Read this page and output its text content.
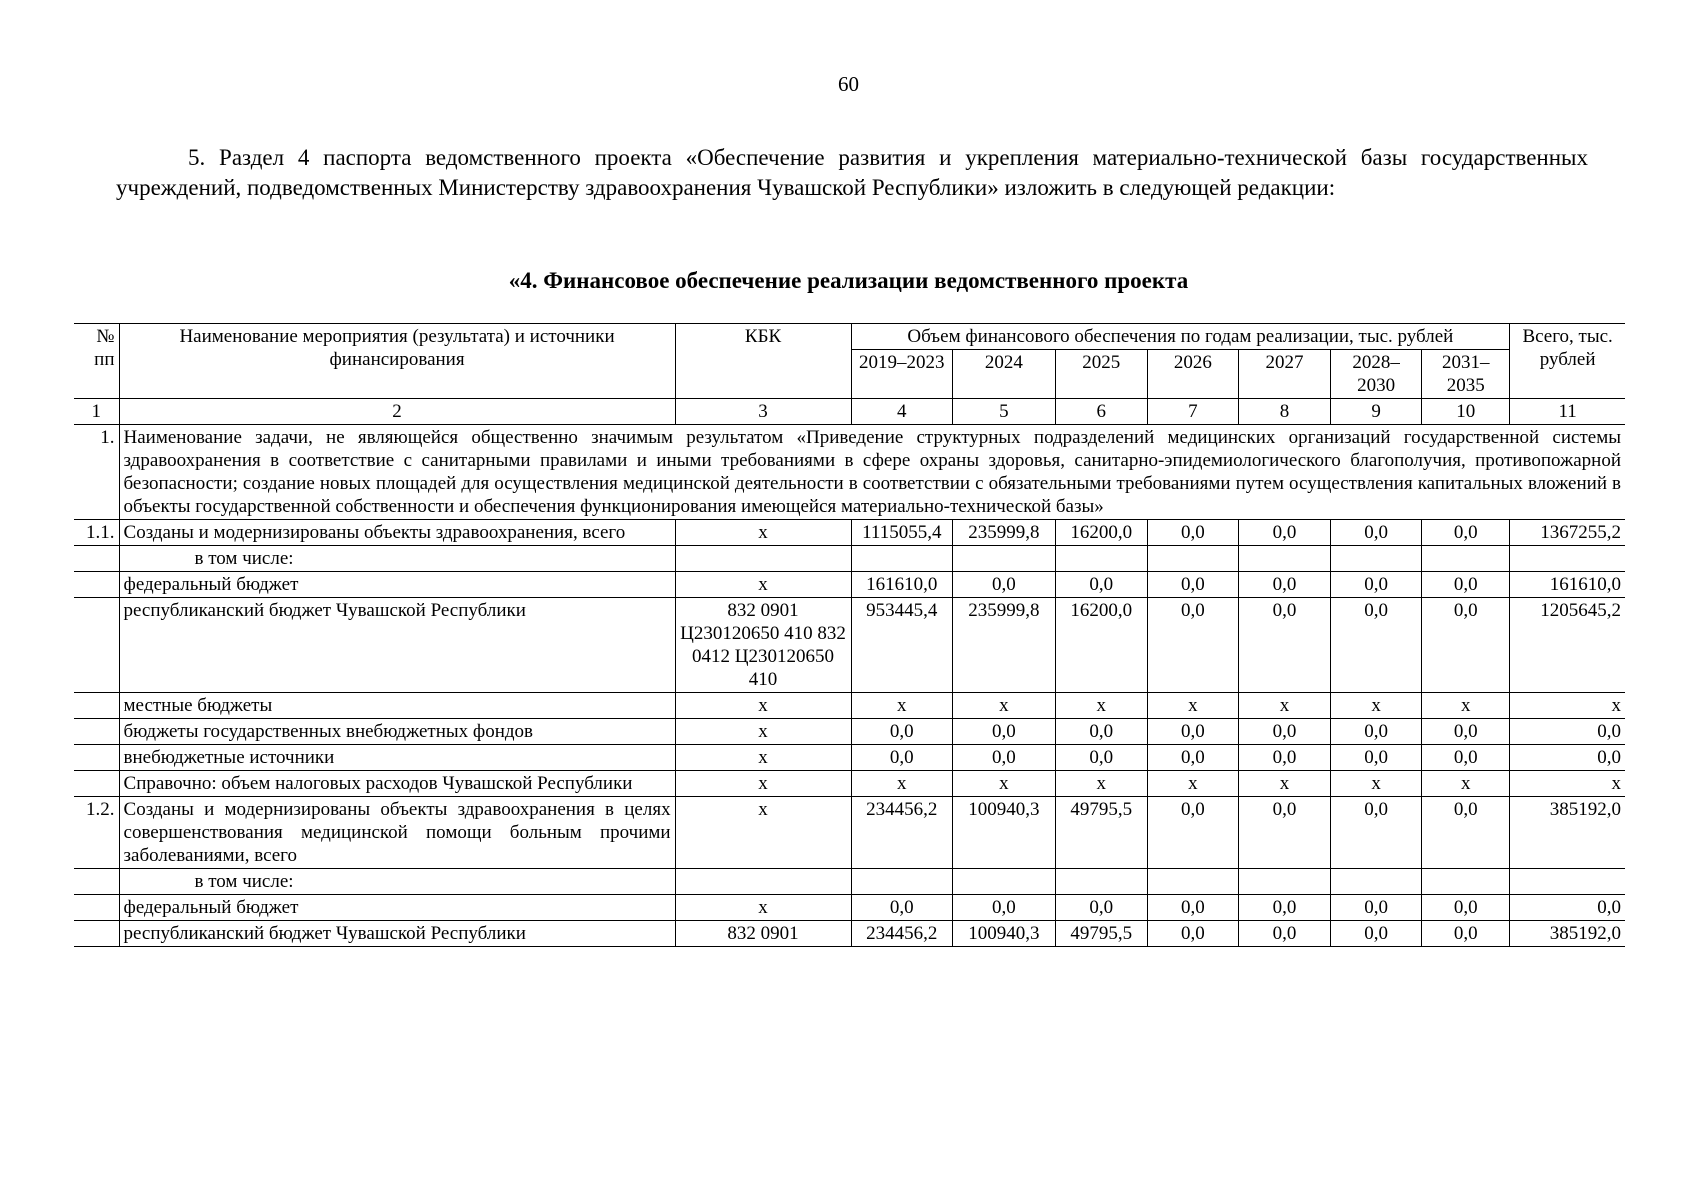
60

5. Раздел 4 паспорта ведомственного проекта «Обеспечение развития и укрепления материально-технической базы государственных учреждений, подведомственных Министерству здравоохранения Чувашской Республики» изложить в следующей редакции:

«4. Финансовое обеспечение реализации ведомственного проекта
№ пп	Наименование мероприятия (результата) и источники финансирования	КБК	Объем финансового обеспечения по годам реализации, тыс. рублей							Всего, тыс. рублей
			2019–2023	2024	2025	2026	2027	2028–2030	2031–2035	
1	2	3	4	5	6	7	8	9	10	11
1.	Наименование задачи, не являющейся общественно значимым результатом «Приведение структурных подразделений медицинских организаций государственной системы здравоохранения в соответствие с санитарными правилами и иными требованиями в сфере охраны здоровья, санитарно-эпидемиологического благополучия, противопожарной безопасности; создание новых площадей для осуществления медицинской деятельности в соответствии с обязательными требованиями путем осуществления капитальных вложений в объекты государственной собственности и обеспечения функционирования имеющейся материально-технической базы»									
1.1.	Созданы и модернизированы объекты здравоохранения, всего	x	1115055,4	235999,8	16200,0	0,0	0,0	0,0	0,0	1367255,2
	в том числе:									
	федеральный бюджет	x	161610,0	0,0	0,0	0,0	0,0	0,0	0,0	161610,0
	республиканский бюджет Чувашской Республики	832 0901 Ц230120650 410 832 0412 Ц230120650 410	953445,4	235999,8	16200,0	0,0	0,0	0,0	0,0	1205645,2
	местные бюджеты	x	x	x	x	x	x	x	x	x
	бюджеты государственных внебюджетных фондов	x	0,0	0,0	0,0	0,0	0,0	0,0	0,0	0,0
	внебюджетные источники	x	0,0	0,0	0,0	0,0	0,0	0,0	0,0	0,0
	Справочно: объем налоговых расходов Чувашской Республики	x	x	x	x	x	x	x	x	x
1.2.	Созданы и модернизированы объекты здравоохранения в целях совершенствования медицинской помощи больным прочими заболеваниями, всего	x	234456,2	100940,3	49795,5	0,0	0,0	0,0	0,0	385192,0
	в том числе:									
	федеральный бюджет	x	0,0	0,0	0,0	0,0	0,0	0,0	0,0	0,0
	республиканский бюджет Чувашской Республики	832 0901	234456,2	100940,3	49795,5	0,0	0,0	0,0	0,0	385192,0
